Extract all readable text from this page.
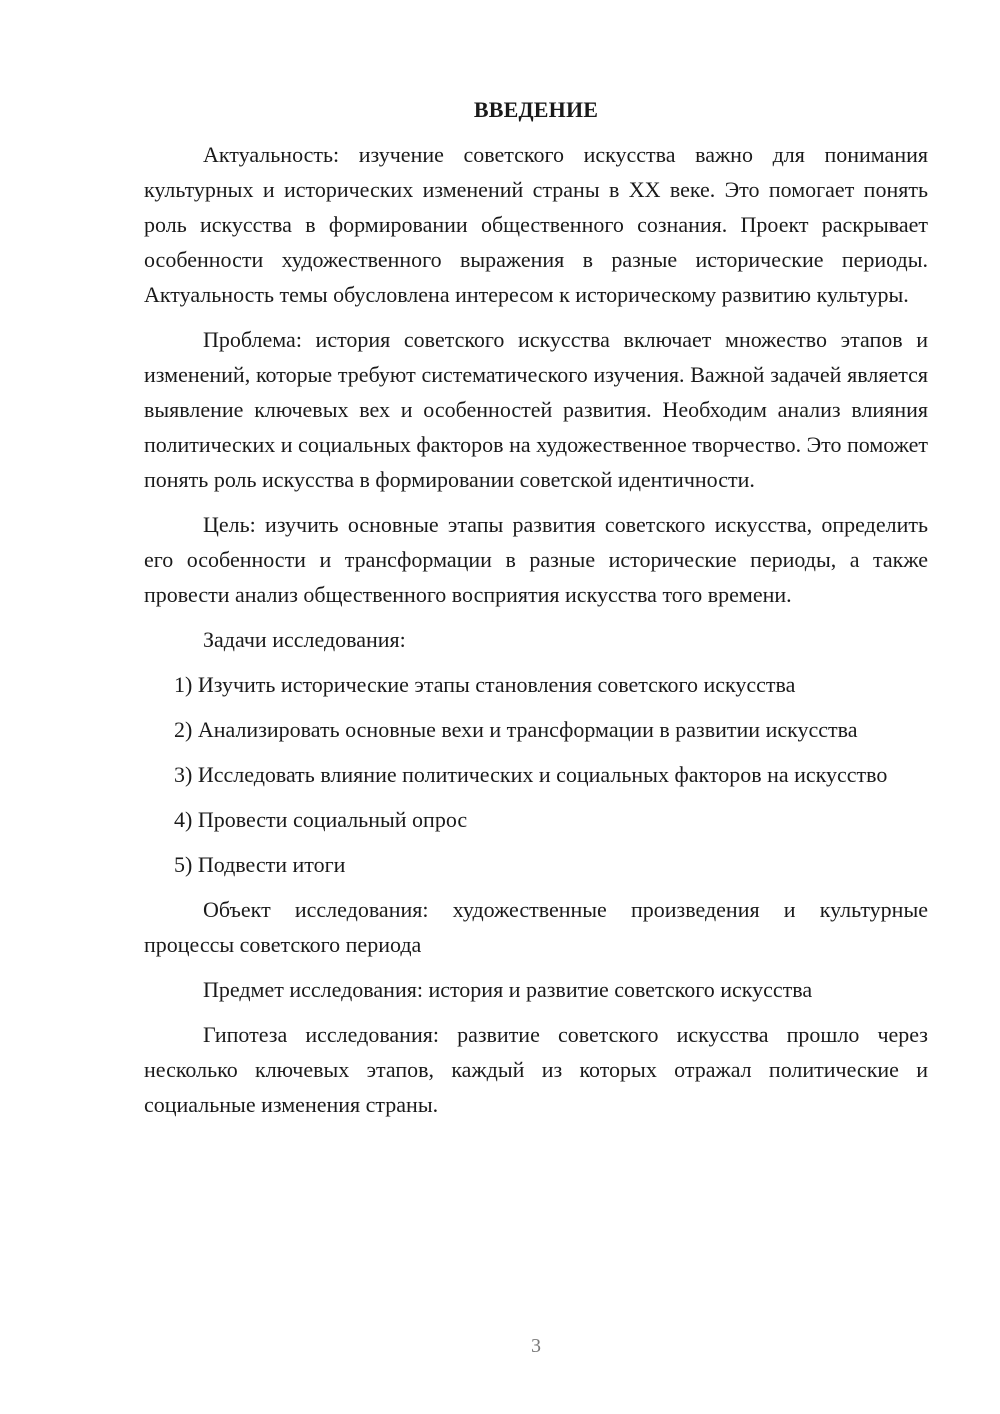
ВВЕДЕНИЕ

Актуальность: изучение советского искусства важно для понимания культурных и исторических изменений страны в XX веке. Это помогает понять роль искусства в формировании общественного сознания. Проект раскрывает особенности художественного выражения в разные исторические периоды. Актуальность темы обусловлена интересом к историческому развитию культуры.

Проблема: история советского искусства включает множество этапов и изменений, которые требуют систематического изучения. Важной задачей является выявление ключевых вех и особенностей развития. Необходим анализ влияния политических и социальных факторов на художественное творчество. Это поможет понять роль искусства в формировании советской идентичности.

Цель: изучить основные этапы развития советского искусства, определить его особенности и трансформации в разные исторические периоды, а также провести анализ общественного восприятия искусства того времени.

Задачи исследования:

1) Изучить исторические этапы становления советского искусства

2) Анализировать основные вехи и трансформации в развитии искусства

3) Исследовать влияние политических и социальных факторов на искусство

4) Провести социальный опрос

5) Подвести итоги

Объект исследования: художественные произведения и культурные процессы советского периода

Предмет исследования: история и развитие советского искусства

Гипотеза исследования: развитие советского искусства прошло через несколько ключевых этапов, каждый из которых отражал политические и социальные изменения страны.

3
